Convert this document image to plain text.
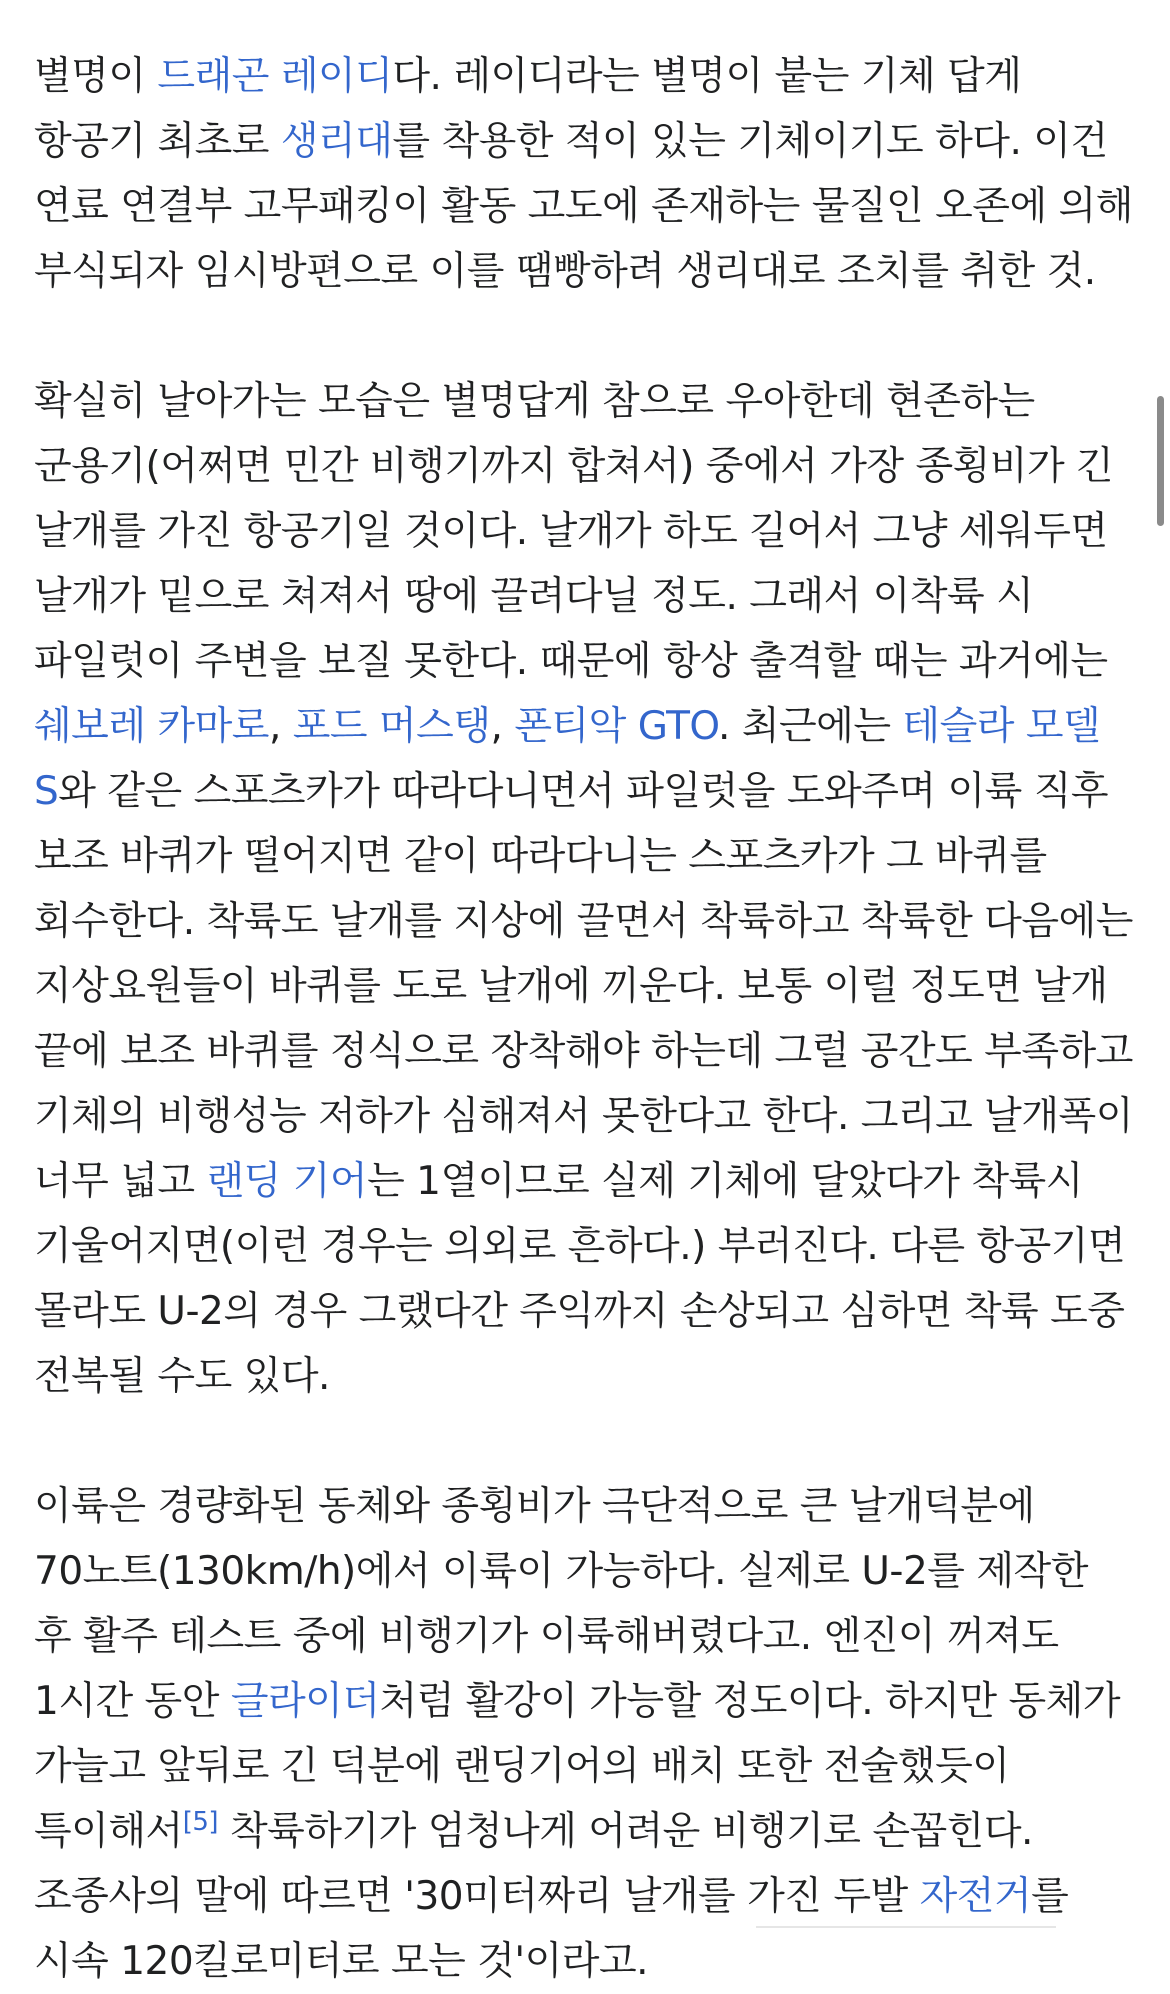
별명이 드래곤 레이디다. 레이디라는 별명이 붙는 기체 답게 항공기 최초로 생리대를 착용한 적이 있는 기체이기도 하다. 이건 연료 연결부 고무패킹이 활동 고도에 존재하는 물질인 오존에 의해 부식되자 임시방편으로 이를 땜빵하려 생리대로 조치를 취한 것.

확실히 날아가는 모습은 별명답게 참으로 우아한데 현존하는 군용기(어쩌면 민간 비행기까지 합쳐서) 중에서 가장 종횡비가 긴 날개를 가진 항공기일 것이다. 날개가 하도 길어서 그냥 세워두면 날개가 밑으로 쳐져서 땅에 끌려다닐 정도. 그래서 이착륙 시 파일럿이 주변을 보질 못한다. 때문에 항상 출격할 때는 과거에는 쉐보레 카마로, 포드 머스탱, 폰티악 GTO. 최근에는 테슬라 모델 S와 같은 스포츠카가 따라다니면서 파일럿을 도와주며 이륙 직후 보조 바퀴가 떨어지면 같이 따라다니는 스포츠카가 그 바퀴를 회수한다. 착륙도 날개를 지상에 끌면서 착륙하고 착륙한 다음에는 지상요원들이 바퀴를 도로 날개에 끼운다. 보통 이럴 정도면 날개 끝에 보조 바퀴를 정식으로 장착해야 하는데 그럴 공간도 부족하고 기체의 비행성능 저하가 심해져서 못한다고 한다. 그리고 날개폭이 너무 넓고 랜딩 기어는 1열이므로 실제 기체에 달았다가 착륙시 기울어지면(이런 경우는 의외로 흔하다.) 부러진다. 다른 항공기면 몰라도 U-2의 경우 그랬다간 주익까지 손상되고 심하면 착륙 도중 전복될 수도 있다.

이륙은 경량화된 동체와 종횡비가 극단적으로 큰 날개덕분에 70노트(130km/h)에서 이륙이 가능하다. 실제로 U-2를 제작한 후 활주 테스트 중에 비행기가 이륙해버렸다고. 엔진이 꺼져도 1시간 동안 글라이더처럼 활강이 가능할 정도이다. 하지만 동체가 가늘고 앞뒤로 긴 덕분에 랜딩기어의 배치 또한 전술했듯이 특이해서[5] 착륙하기가 엄청나게 어려운 비행기로 손꼽힌다. 조종사의 말에 따르면 '30미터짜리 날개를 가진 두발 자전거를 시속 120킬로미터로 모는 것'이라고.
